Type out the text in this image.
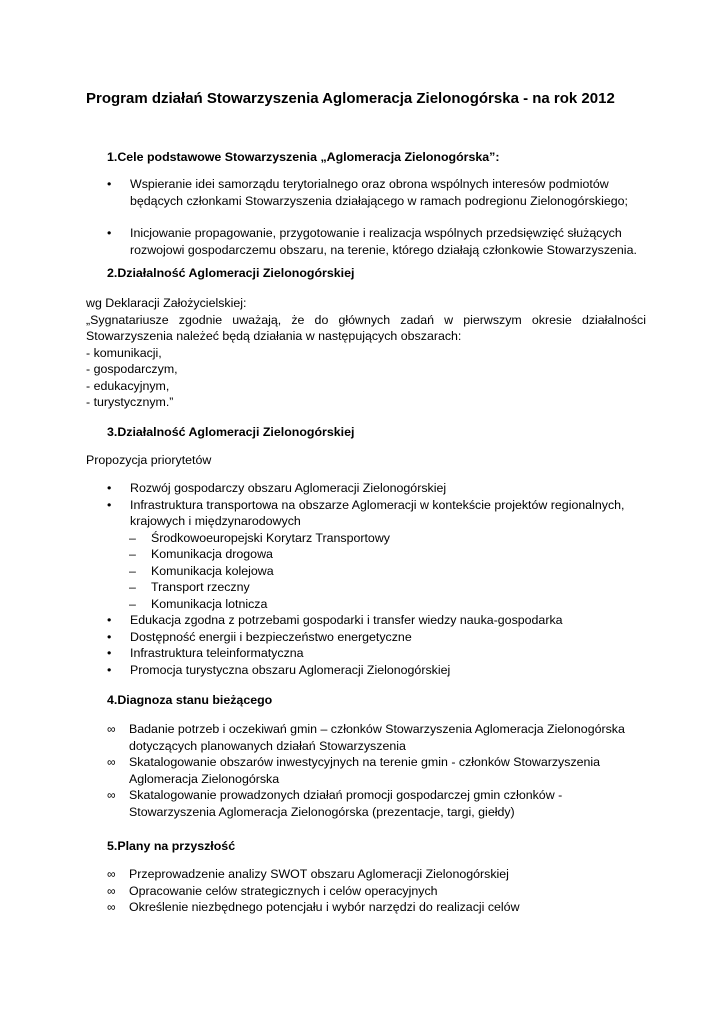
Program działań Stowarzyszenia Aglomeracja Zielonogórska - na rok 2012
1.Cele podstawowe Stowarzyszenia „Aglomeracja Zielonogórska”:
• Wspieranie idei samorządu terytorialnego oraz obrona wspólnych interesów podmiotów będących członkami Stowarzyszenia działającego w ramach podregionu Zielonogórskiego;
• Inicjowanie propagowanie, przygotowanie i realizacja wspólnych przedsięwzięć służących rozwojowi gospodarczemu obszaru, na terenie, którego działają członkowie Stowarzyszenia.
2.Działalność Aglomeracji Zielonogórskiej
wg Deklaracji Założycielskiej:

„Sygnatariusze zgodnie uważają, że do głównych zadań w pierwszym okresie działalności Stowarzyszenia należeć będą działania w następujących obszarach:

- komunikacji,
- gospodarczym,
- edukacyjnym,
- turystycznym.”
3.Działalność Aglomeracji Zielonogórskiej
Propozycja priorytetów
• Rozwój gospodarczy obszaru Aglomeracji Zielonogórskiej
• Infrastruktura transportowa na obszarze Aglomeracji w kontekście projektów regionalnych, krajowych i międzynarodowych
– Środkowoeuropejski Korytarz Transportowy
– Komunikacja drogowa
– Komunikacja kolejowa
– Transport rzeczny
– Komunikacja lotnicza
• Edukacja zgodna z potrzebami gospodarki i transfer wiedzy nauka-gospodarka
• Dostępność energii i bezpieczeństwo energetyczne
• Infrastruktura teleinformatyczna
• Promocja turystyczna obszaru Aglomeracji Zielonogórskiej
4.Diagnoza stanu bieżącego
∞ Badanie potrzeb i oczekiwań gmin – członków Stowarzyszenia Aglomeracja Zielonogórska dotyczących planowanych działań Stowarzyszenia
∞ Skatalogowanie obszarów inwestycyjnych na terenie gmin - członków Stowarzyszenia Aglomeracja Zielonogórska
∞ Skatalogowanie prowadzonych działań promocji gospodarczej gmin członków - Stowarzyszenia Aglomeracja Zielonogórska (prezentacje, targi, giełdy)
5.Plany na przyszłość
∞ Przeprowadzenie analizy SWOT obszaru Aglomeracji Zielonogórskiej
∞ Opracowanie celów strategicznych i celów operacyjnych
∞ Określenie niezbędnego potencjału i wybór narzędzi do realizacji celów
